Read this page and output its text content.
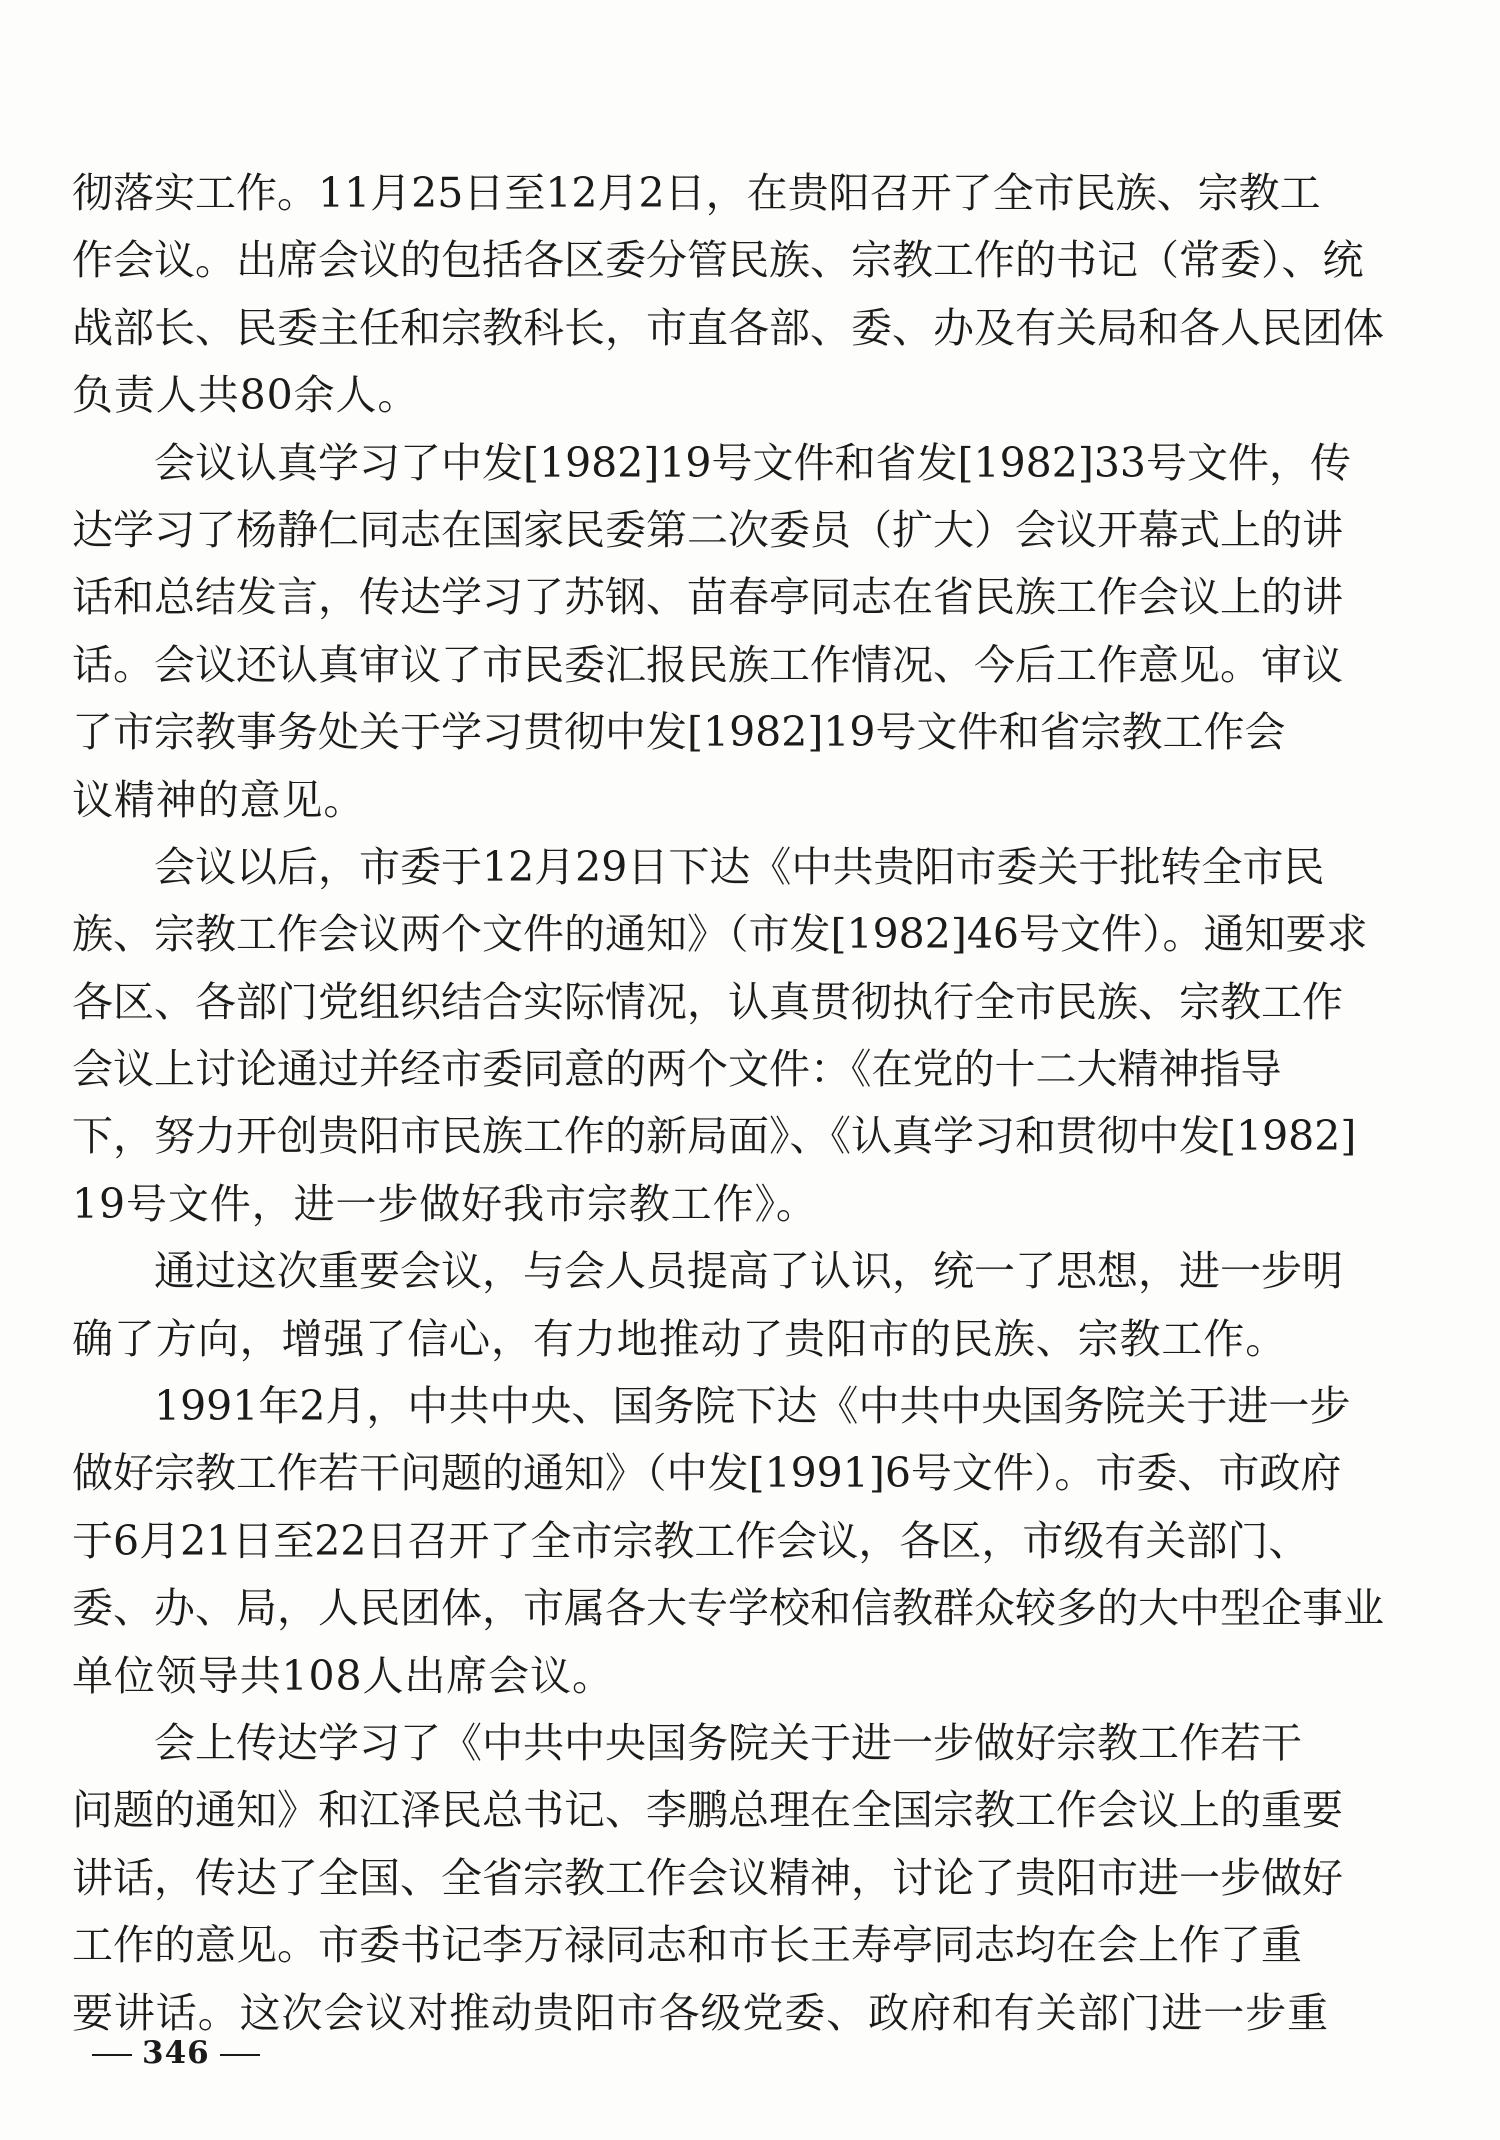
彻落实工作。11月25日至12月2日，在贵阳召开了全市民族、宗教工
作会议。出席会议的包括各区委分管民族、宗教工作的书记（常委）、统
战部长、民委主任和宗教科长，市直各部、委、办及有关局和各人民团体
负责人共80余人。
　　会议认真学习了中发[1982]19号文件和省发[1982]33号文件，传
达学习了杨静仁同志在国家民委第二次委员（扩大）会议开幕式上的讲
话和总结发言，传达学习了苏钢、苗春亭同志在省民族工作会议上的讲
话。会议还认真审议了市民委汇报民族工作情况、今后工作意见。审议
了市宗教事务处关于学习贯彻中发[1982]19号文件和省宗教工作会
议精神的意见。
　　会议以后，市委于12月29日下达《中共贵阳市委关于批转全市民
族、宗教工作会议两个文件的通知》（市发[1982]46号文件）。通知要求
各区、各部门党组织结合实际情况，认真贯彻执行全市民族、宗教工作
会议上讨论通过并经市委同意的两个文件：《在党的十二大精神指导
下，努力开创贵阳市民族工作的新局面》、《认真学习和贯彻中发[1982]
19号文件，进一步做好我市宗教工作》。
　　通过这次重要会议，与会人员提高了认识，统一了思想，进一步明
确了方向，增强了信心，有力地推动了贵阳市的民族、宗教工作。
　　1991年2月，中共中央、国务院下达《中共中央国务院关于进一步
做好宗教工作若干问题的通知》（中发[1991]6号文件）。市委、市政府
于6月21日至22日召开了全市宗教工作会议，各区，市级有关部门、
委、办、局，人民团体，市属各大专学校和信教群众较多的大中型企事业
单位领导共108人出席会议。
　　会上传达学习了《中共中央国务院关于进一步做好宗教工作若干
问题的通知》和江泽民总书记、李鹏总理在全国宗教工作会议上的重要
讲话，传达了全国、全省宗教工作会议精神，讨论了贵阳市进一步做好
工作的意见。市委书记李万禄同志和市长王寿亭同志均在会上作了重
要讲话。这次会议对推动贵阳市各级党委、政府和有关部门进一步重
346
